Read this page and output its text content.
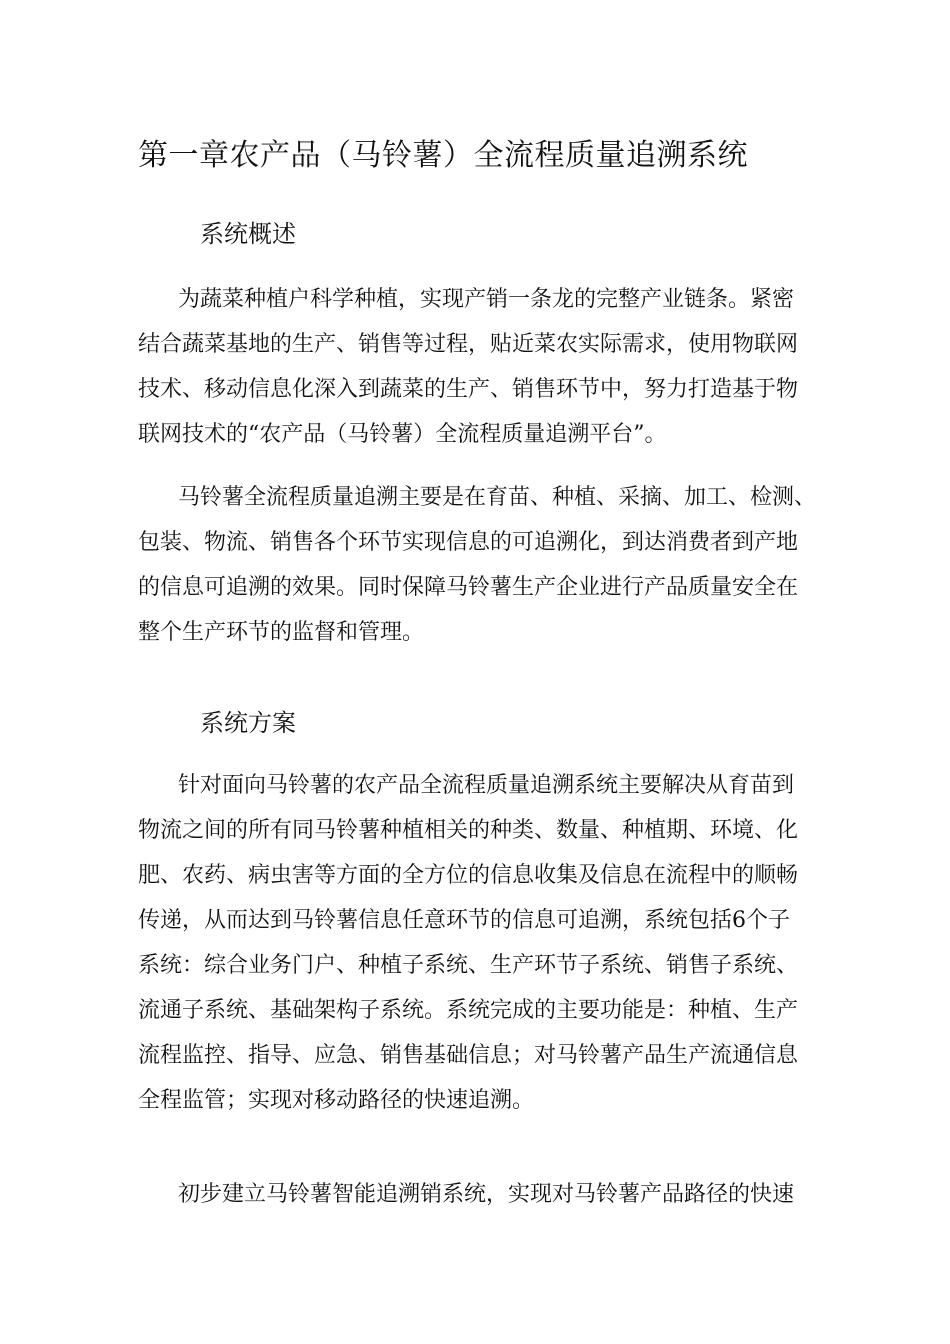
第一章农产品（马铃薯）全流程质量追溯系统
系统概述
为蔬菜种植户科学种植，实现产销一条龙的完整产业链条。紧密
结合蔬菜基地的生产、销售等过程，贴近菜农实际需求，使用物联网
技术、移动信息化深入到蔬菜的生产、销售环节中，努力打造基于物
联网技术的“农产品（马铃薯）全流程质量追溯平台”。
马铃薯全流程质量追溯主要是在育苗、种植、采摘、加工、检测、
包装、物流、销售各个环节实现信息的可追溯化，到达消费者到产地
的信息可追溯的效果。同时保障马铃薯生产企业进行产品质量安全在
整个生产环节的监督和管理。
系统方案
针对面向马铃薯的农产品全流程质量追溯系统主要解决从育苗到
物流之间的所有同马铃薯种植相关的种类、数量、种植期、环境、化
肥、农药、病虫害等方面的全方位的信息收集及信息在流程中的顺畅
传递，从而达到马铃薯信息任意环节的信息可追溯，系统包括6个子
系统：综合业务门户、种植子系统、生产环节子系统、销售子系统、
流通子系统、基础架构子系统。系统完成的主要功能是：种植、生产
流程监控、指导、应急、销售基础信息；对马铃薯产品生产流通信息
全程监管；实现对移动路径的快速追溯。
初步建立马铃薯智能追溯销系统，实现对马铃薯产品路径的快速
